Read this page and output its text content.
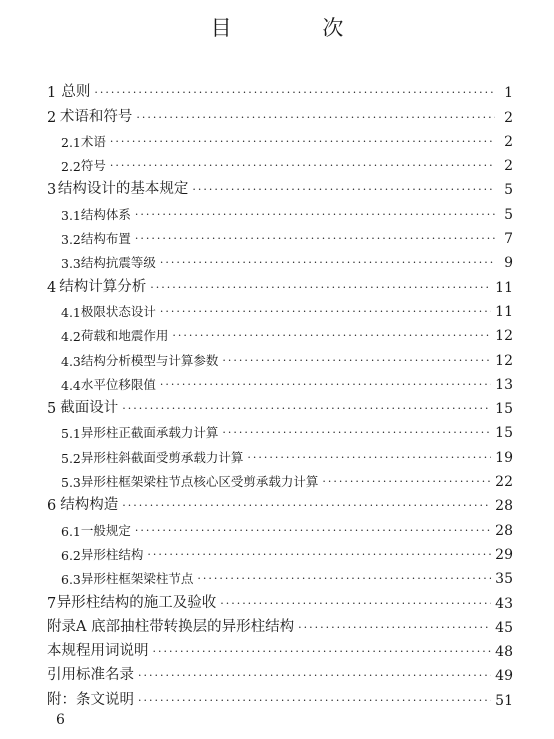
目 次
1 总则 ·····	1
2 术语和符号 ·····	2
2.1 术语 ·····	2
2.2 符号 ·····	2
3 结构设计的基本规定 ·····	5
3.1 结构体系 ·····	5
3.2 结构布置 ·····	7
3.3 结构抗震等级 ·····	9
4 结构计算分析 ·····	11
4.1 极限状态设计 ·····	11
4.2 荷载和地震作用 ·····	12
4.3 结构分析模型与计算参数 ·····	12
4.4 水平位移限值 ·····	13
5 截面设计 ·····	15
5.1 异形柱正截面承载力计算 ·····	15
5.2 异形柱斜截面受剪承载力计算 ·····	19
5.3 异形柱框架梁柱节点核心区受剪承载力计算 ·····	22
6 结构构造 ·····	28
6.1 一般规定 ·····	28
6.2 异形柱结构 ·····	29
6.3 异形柱框架梁柱节点 ·····	35
7 异形柱结构的施工及验收 ·····	43
附录A 底部抽柱带转换层的异形柱结构 ·····	45
本规程用词说明 ·····	48
引用标准名录 ·····	49
附：条文说明 ·····	51
6
